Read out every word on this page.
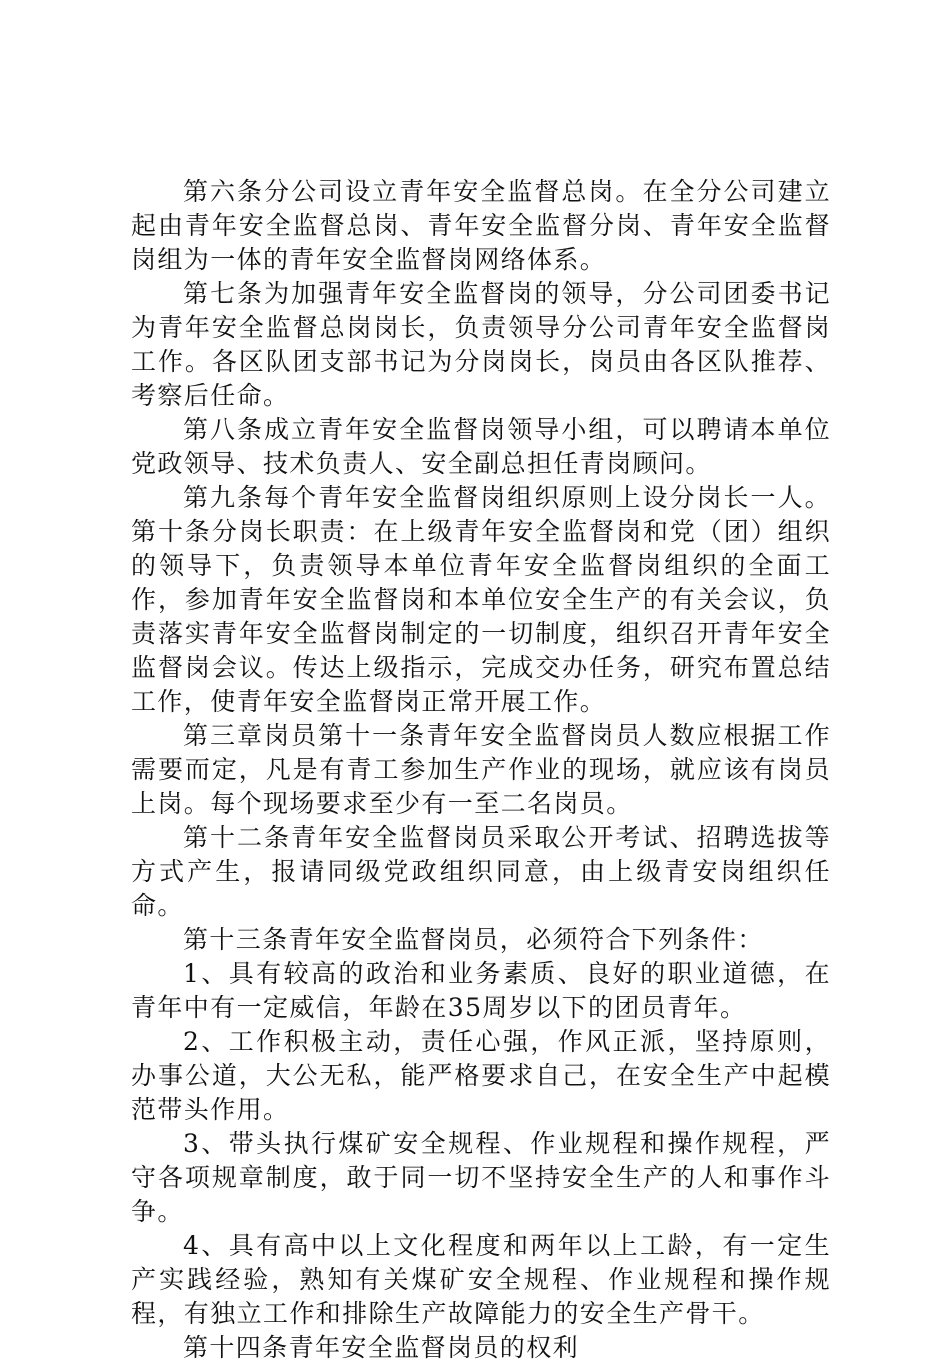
第六条分公司设立青年安全监督总岗。在全分公司建立起由青年安全监督总岗、青年安全监督分岗、青年安全监督岗组为一体的青年安全监督岗网络体系。

第七条为加强青年安全监督岗的领导，分公司团委书记为青年安全监督总岗岗长，负责领导分公司青年安全监督岗工作。各区队团支部书记为分岗岗长，岗员由各区队推荐、考察后任命。

第八条成立青年安全监督岗领导小组，可以聘请本单位党政领导、技术负责人、安全副总担任青岗顾问。

第九条每个青年安全监督岗组织原则上设分岗长一人。第十条分岗长职责：在上级青年安全监督岗和党（团）组织的领导下，负责领导本单位青年安全监督岗组织的全面工作，参加青年安全监督岗和本单位安全生产的有关会议，负责落实青年安全监督岗制定的一切制度，组织召开青年安全监督岗会议。传达上级指示，完成交办任务，研究布置总结工作，使青年安全监督岗正常开展工作。

第三章岗员第十一条青年安全监督岗员人数应根据工作需要而定，凡是有青工参加生产作业的现场，就应该有岗员上岗。每个现场要求至少有一至二名岗员。

第十二条青年安全监督岗员采取公开考试、招聘选拔等方式产生，报请同级党政组织同意，由上级青安岗组织任命。

第十三条青年安全监督岗员，必须符合下列条件：

1、具有较高的政治和业务素质、良好的职业道德，在青年中有一定威信，年龄在35周岁以下的团员青年。

2、工作积极主动，责任心强，作风正派，坚持原则，办事公道，大公无私，能严格要求自己，在安全生产中起模范带头作用。

3、带头执行煤矿安全规程、作业规程和操作规程，严守各项规章制度，敢于同一切不坚持安全生产的人和事作斗争。

4、具有高中以上文化程度和两年以上工龄，有一定生产实践经验，熟知有关煤矿安全规程、作业规程和操作规程，有独立工作和排除生产故障能力的安全生产骨干。

第十四条青年安全监督岗员的权利
